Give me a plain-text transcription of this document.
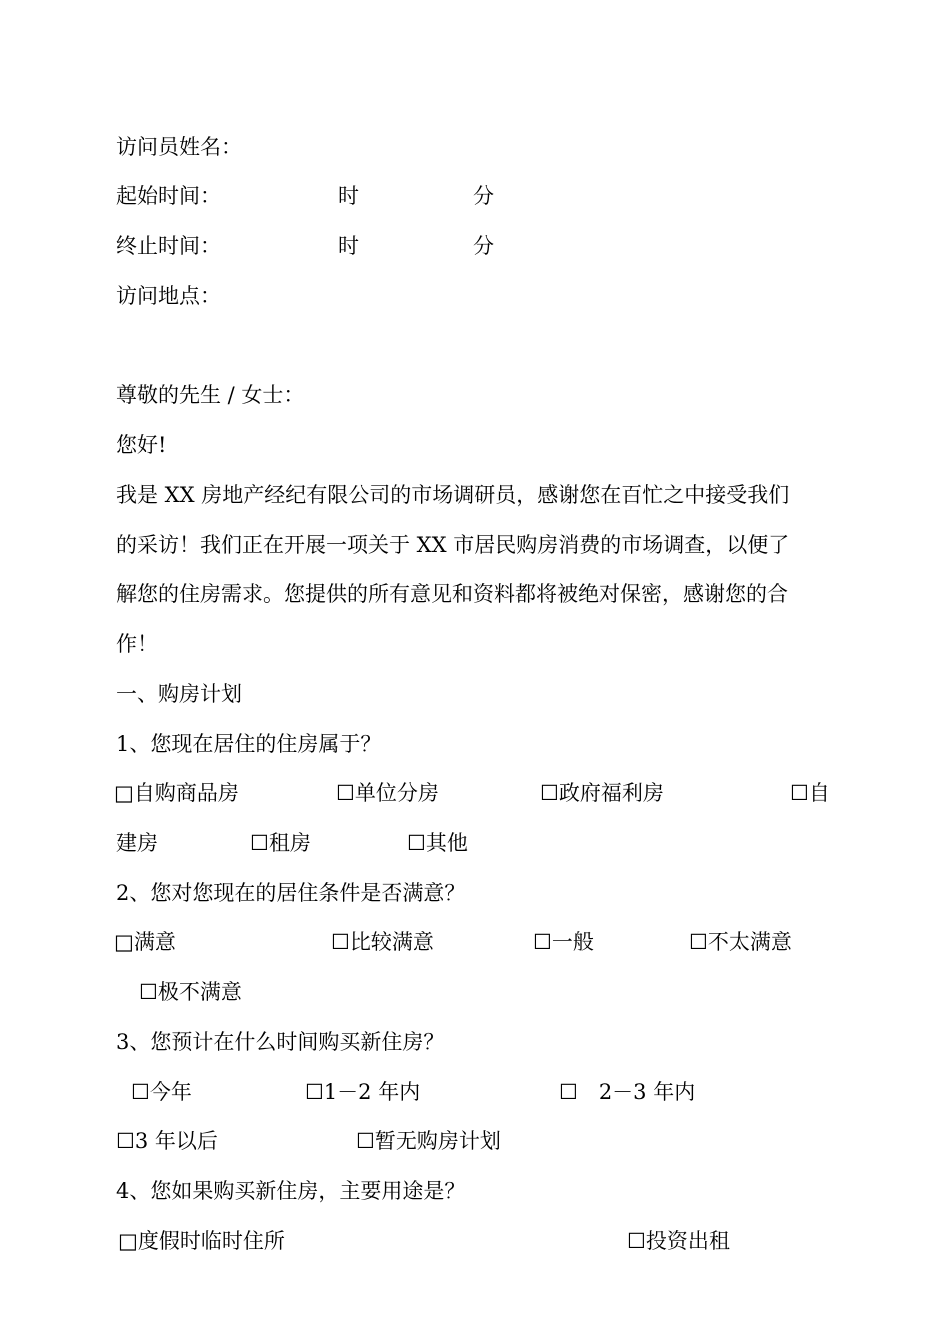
访问员姓名：
起始时间：	时	分
终止时间：	时	分
访问地点：
尊敬的先生 / 女士：
您好!
我是 XX 房地产经纪有限公司的市场调研员，感谢您在百忙之中接受我们
的采访！我们正在开展一项关于 XX 市居民购房消费的市场调查，以便了
解您的住房需求。您提供的所有意见和资料都将被绝对保密，感谢您的合
作！
一、购房计划
1、您现在居住的住房属于？
□自购商品房	☐单位分房	☐政府福利房	☐自
建房	☐租房	☐其他
2、您对您现在的居住条件是否满意？
□满意	☐比较满意	☐一般	☐不太满意
☐极不满意
3、您预计在什么时间购买新住房？
☐今年	☐1－2 年内	☐　2－3 年内
☐3 年以后	☐暂无购房计划
4、您如果购买新住房，主要用途是？
□度假时临时住所	☐投资出租
